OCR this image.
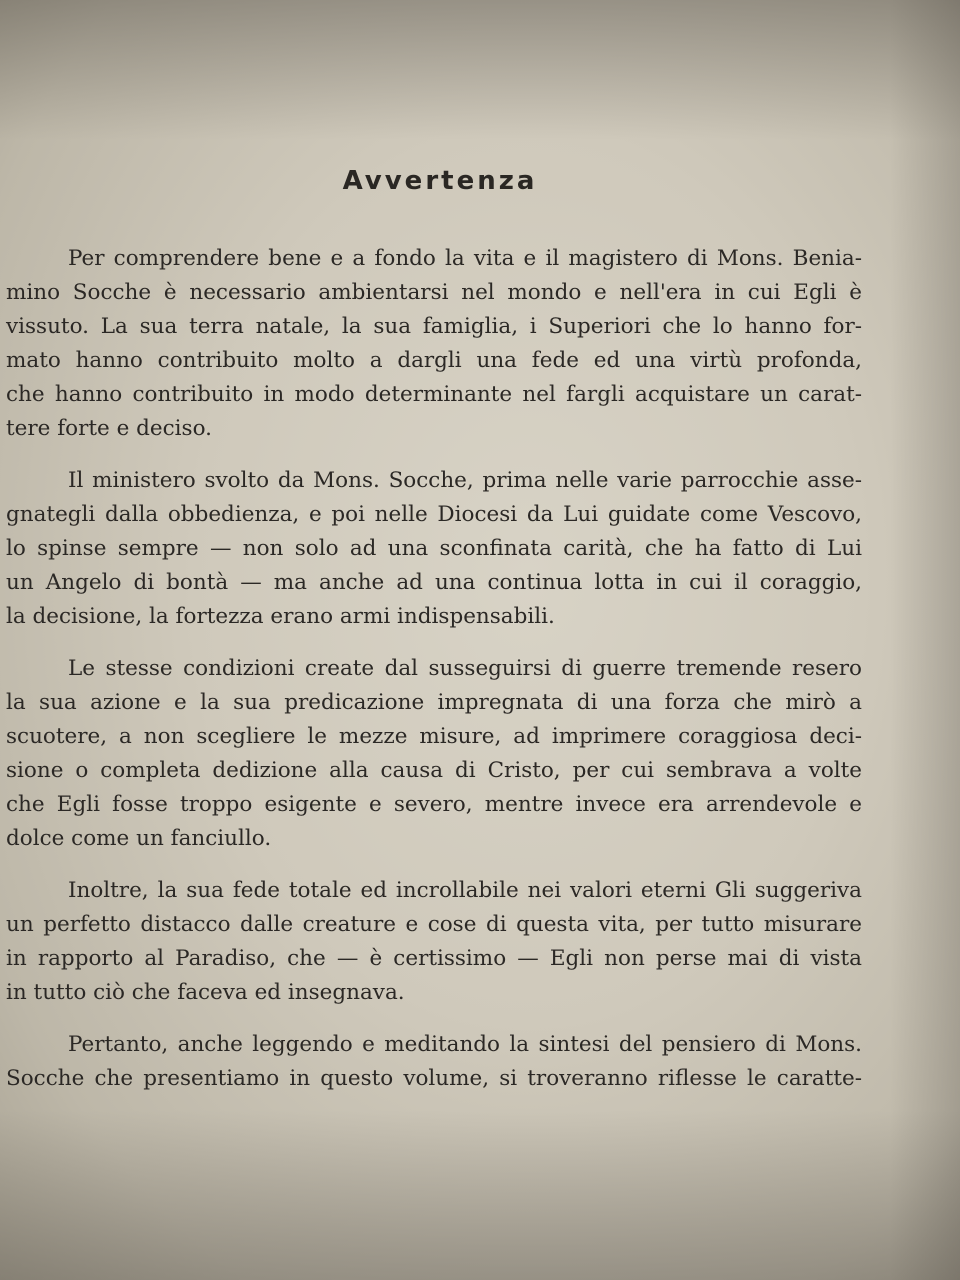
Avvertenza

Per comprendere bene e a fondo la vita e il magistero di Mons. Benia-
mino Socche è necessario ambientarsi nel mondo e nell'era in cui Egli è
vissuto. La sua terra natale, la sua famiglia, i Superiori che lo hanno for-
mato hanno contribuito molto a dargli una fede ed una virtù profonda,
che hanno contribuito in modo determinante nel fargli acquistare un carat-
tere forte e deciso.

Il ministero svolto da Mons. Socche, prima nelle varie parrocchie asse-
gnategli dalla obbedienza, e poi nelle Diocesi da Lui guidate come Vescovo,
lo spinse sempre — non solo ad una sconfinata carità, che ha fatto di Lui
un Angelo di bontà — ma anche ad una continua lotta in cui il coraggio,
la decisione, la fortezza erano armi indispensabili.

Le stesse condizioni create dal susseguirsi di guerre tremende resero
la sua azione e la sua predicazione impregnata di una forza che mirò a
scuotere, a non scegliere le mezze misure, ad imprimere coraggiosa deci-
sione o completa dedizione alla causa di Cristo, per cui sembrava a volte
che Egli fosse troppo esigente e severo, mentre invece era arrendevole e
dolce come un fanciullo.

Inoltre, la sua fede totale ed incrollabile nei valori eterni Gli suggeriva
un perfetto distacco dalle creature e cose di questa vita, per tutto misurare
in rapporto al Paradiso, che — è certissimo — Egli non perse mai di vista
in tutto ciò che faceva ed insegnava.

Pertanto, anche leggendo e meditando la sintesi del pensiero di Mons.
Socche che presentiamo in questo volume, si troveranno riflesse le caratte-
